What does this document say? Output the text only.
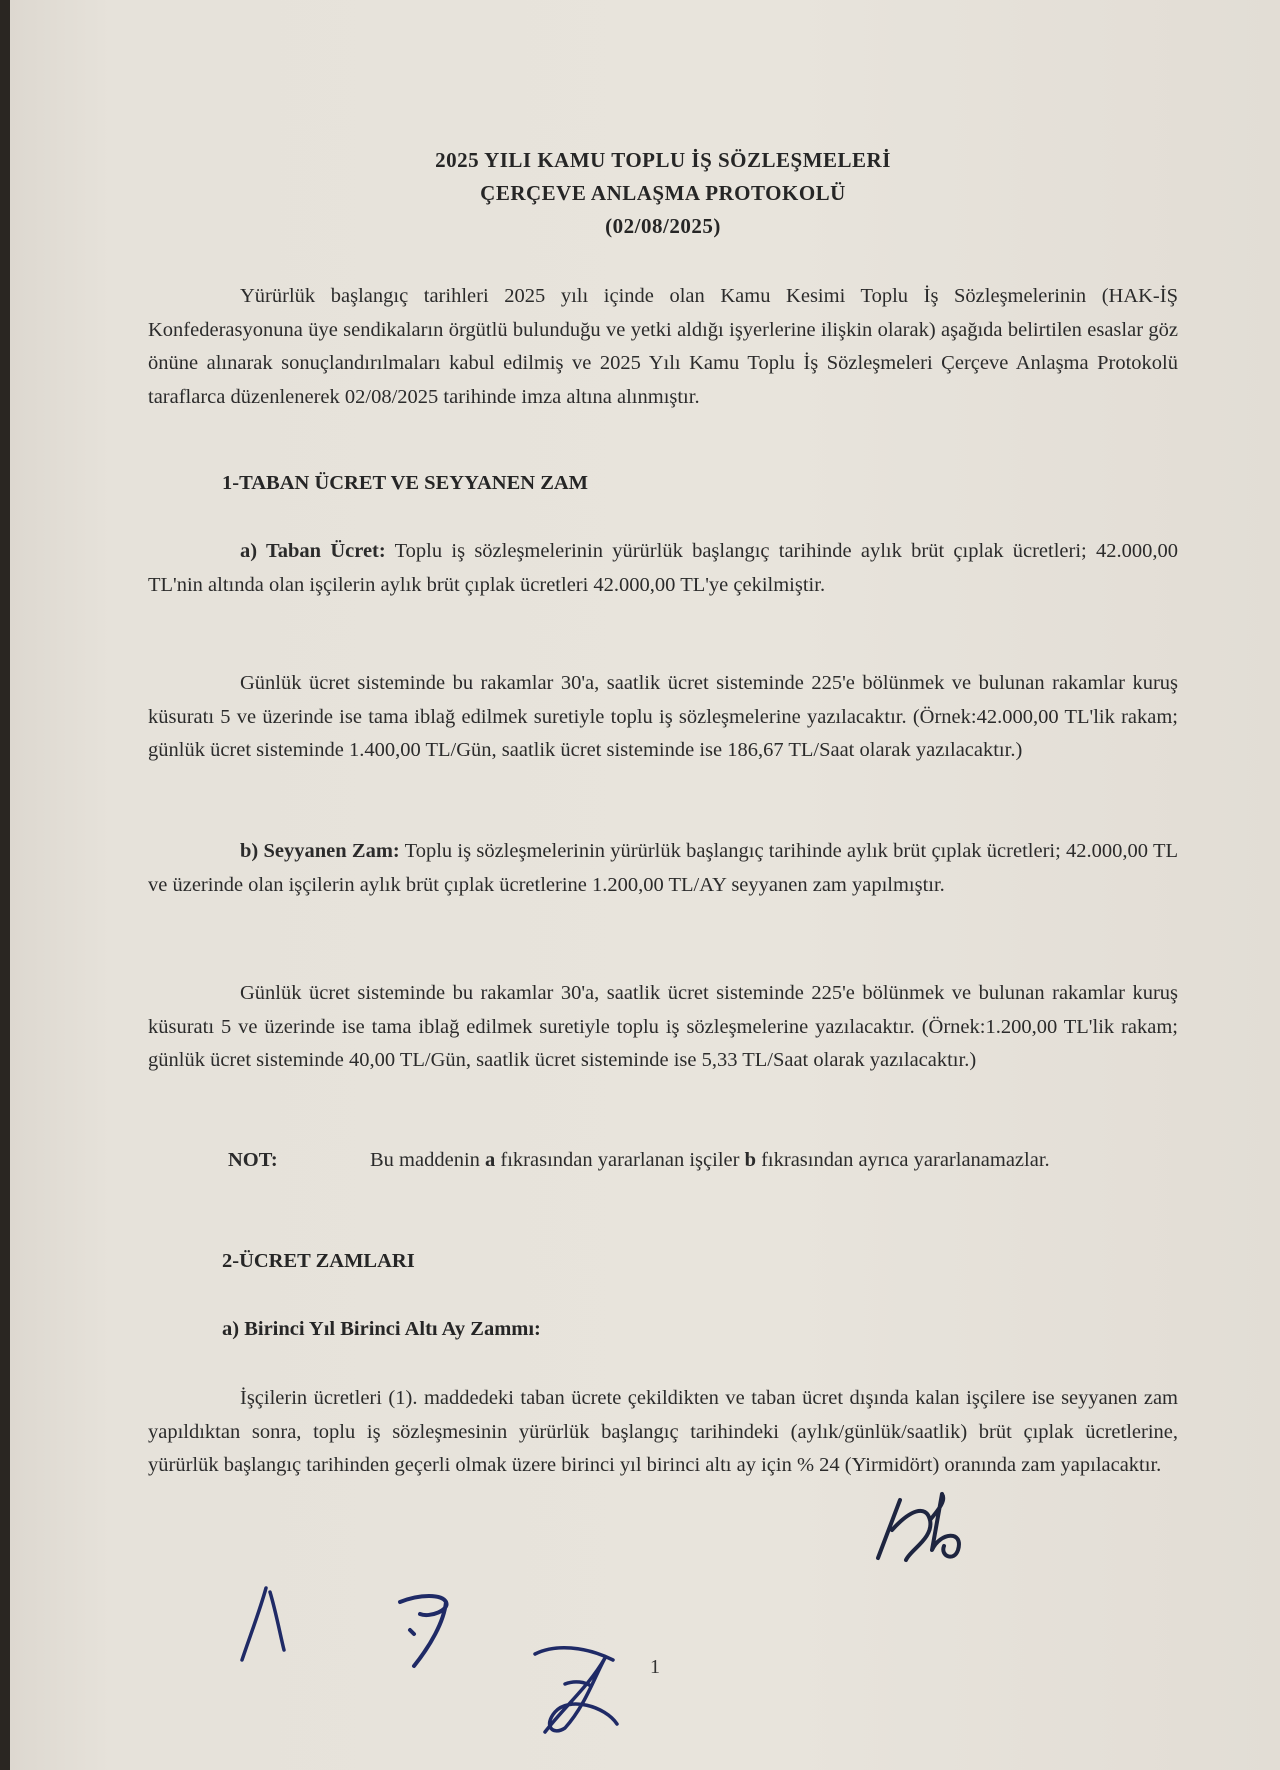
2025 YILI KAMU TOPLU İŞ SÖZLEŞMELERİ
ÇERÇEVE ANLAŞMA PROTOKOLÜ
(02/08/2025)

Yürürlük başlangıç tarihleri 2025 yılı içinde olan Kamu Kesimi Toplu İş Sözleşmelerinin (HAK-İŞ Konfederasyonuna üye sendikaların örgütlü bulunduğu ve yetki aldığı işyerlerine ilişkin olarak) aşağıda belirtilen esaslar göz önüne alınarak sonuçlandırılmaları kabul edilmiş ve 2025 Yılı Kamu Toplu İş Sözleşmeleri Çerçeve Anlaşma Protokolü taraflarca düzenlenerek 02/08/2025 tarihinde imza altına alınmıştır.

1-TABAN ÜCRET VE SEYYANEN ZAM

a) Taban Ücret: Toplu iş sözleşmelerinin yürürlük başlangıç tarihinde aylık brüt çıplak ücretleri; 42.000,00 TL'nin altında olan işçilerin aylık brüt çıplak ücretleri 42.000,00 TL'ye çekilmiştir.

Günlük ücret sisteminde bu rakamlar 30'a, saatlik ücret sisteminde 225'e bölünmek ve bulunan rakamlar kuruş küsuratı 5 ve üzerinde ise tama iblağ edilmek suretiyle toplu iş sözleşmelerine yazılacaktır. (Örnek:42.000,00 TL'lik rakam; günlük ücret sisteminde 1.400,00 TL/Gün, saatlik ücret sisteminde ise 186,67 TL/Saat olarak yazılacaktır.)

b) Seyyanen Zam: Toplu iş sözleşmelerinin yürürlük başlangıç tarihinde aylık brüt çıplak ücretleri; 42.000,00 TL ve üzerinde olan işçilerin aylık brüt çıplak ücretlerine 1.200,00 TL/AY seyyanen zam yapılmıştır.

Günlük ücret sisteminde bu rakamlar 30'a, saatlik ücret sisteminde 225'e bölünmek ve bulunan rakamlar kuruş küsuratı 5 ve üzerinde ise tama iblağ edilmek suretiyle toplu iş sözleşmelerine yazılacaktır. (Örnek:1.200,00 TL'lik rakam; günlük ücret sisteminde 40,00 TL/Gün, saatlik ücret sisteminde ise 5,33 TL/Saat olarak yazılacaktır.)

NOT:	Bu maddenin a fıkrasından yararlanan işçiler b fıkrasından ayrıca yararlanamazlar.

2-ÜCRET ZAMLARI
a) Birinci Yıl Birinci Altı Ay Zammı:

İşçilerin ücretleri (1). maddedeki taban ücrete çekildikten ve taban ücret dışında kalan işçilere ise seyyanen zam yapıldıktan sonra, toplu iş sözleşmesinin yürürlük başlangıç tarihindeki (aylık/günlük/saatlik) brüt çıplak ücretlerine, yürürlük başlangıç tarihinden geçerli olmak üzere birinci yıl birinci altı ay için % 24 (Yirmidört) oranında zam yapılacaktır.

1
